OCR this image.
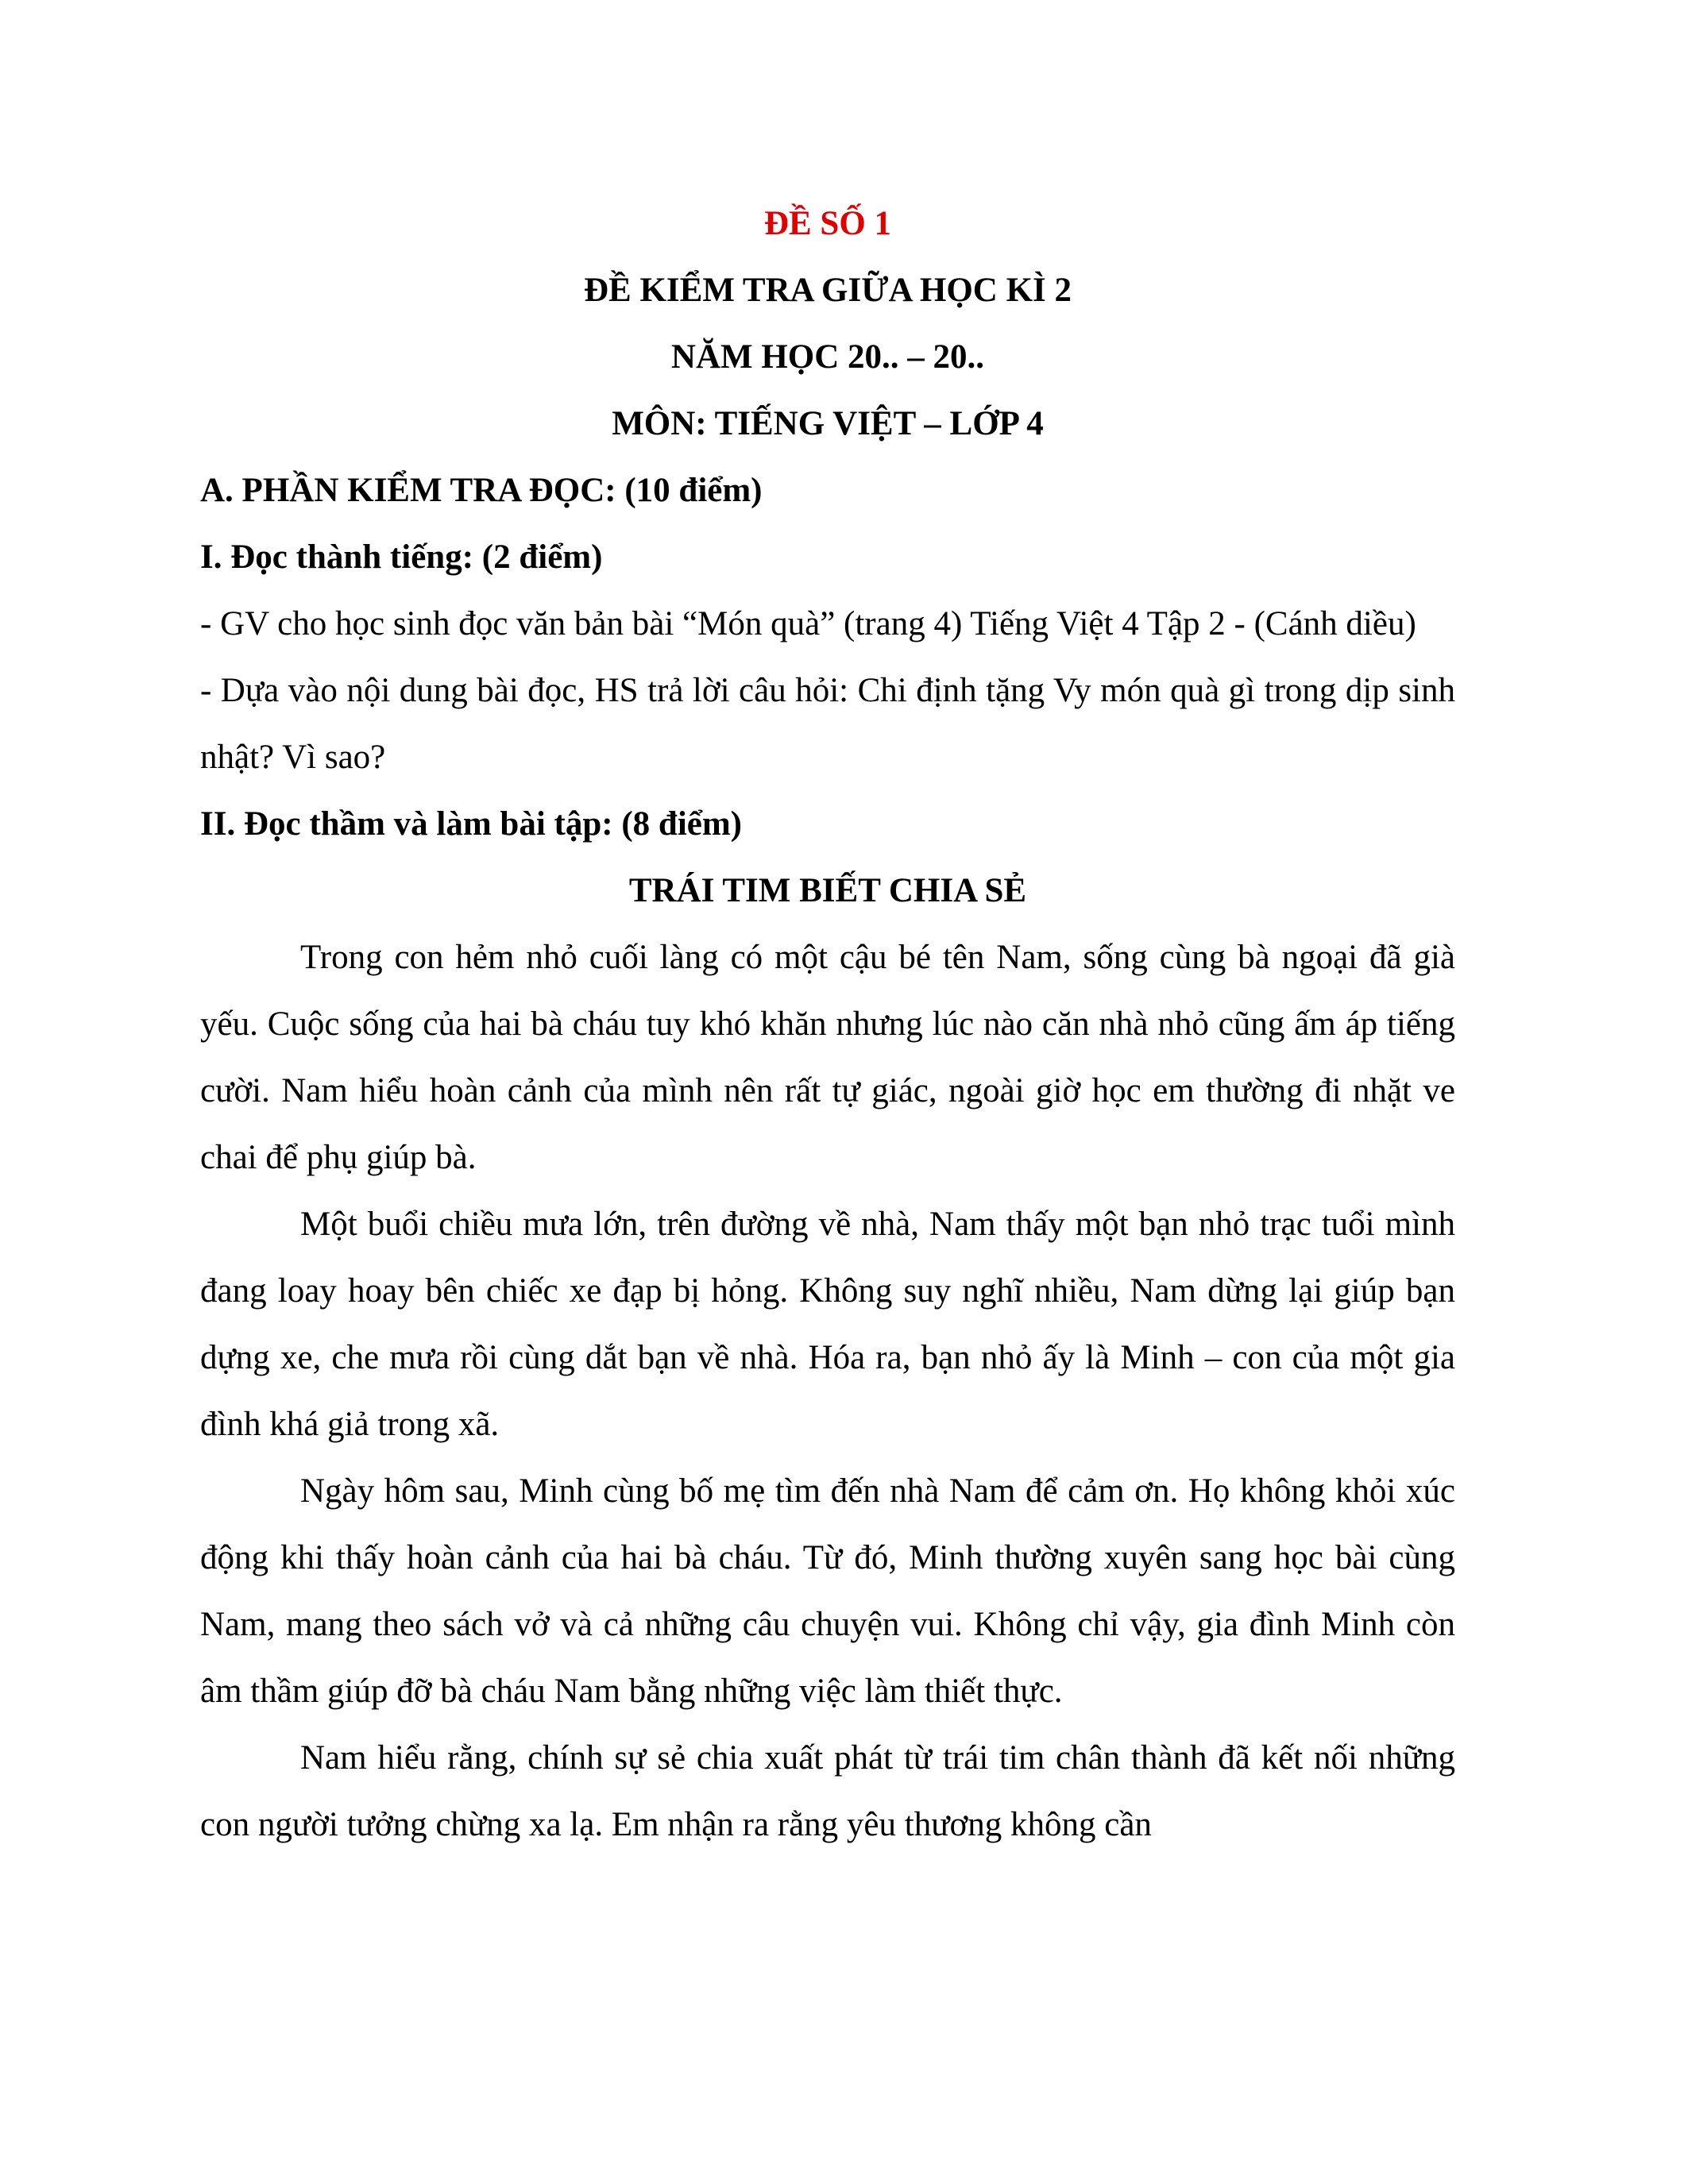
ĐỀ SỐ 1

ĐỀ KIỂM TRA GIỮA HỌC KÌ 2

NĂM HỌC 20.. – 20..

MÔN: TIẾNG VIỆT – LỚP 4

A. PHẦN KIỂM TRA ĐỌC: (10 điểm)

I. Đọc thành tiếng: (2 điểm)

- GV cho học sinh đọc văn bản bài “Món quà” (trang 4) Tiếng Việt 4 Tập 2 - (Cánh diều)

- Dựa vào nội dung bài đọc, HS trả lời câu hỏi: Chi định tặng Vy món quà gì trong dịp sinh nhật? Vì sao?

II. Đọc thầm và làm bài tập: (8 điểm)

TRÁI TIM BIẾT CHIA SẺ

Trong con hẻm nhỏ cuối làng có một cậu bé tên Nam, sống cùng bà ngoại đã già yếu. Cuộc sống của hai bà cháu tuy khó khăn nhưng lúc nào căn nhà nhỏ cũng ấm áp tiếng cười. Nam hiểu hoàn cảnh của mình nên rất tự giác, ngoài giờ học em thường đi nhặt ve chai để phụ giúp bà.

Một buổi chiều mưa lớn, trên đường về nhà, Nam thấy một bạn nhỏ trạc tuổi mình đang loay hoay bên chiếc xe đạp bị hỏng. Không suy nghĩ nhiều, Nam dừng lại giúp bạn dựng xe, che mưa rồi cùng dắt bạn về nhà. Hóa ra, bạn nhỏ ấy là Minh – con của một gia đình khá giả trong xã.

Ngày hôm sau, Minh cùng bố mẹ tìm đến nhà Nam để cảm ơn. Họ không khỏi xúc động khi thấy hoàn cảnh của hai bà cháu. Từ đó, Minh thường xuyên sang học bài cùng Nam, mang theo sách vở và cả những câu chuyện vui. Không chỉ vậy, gia đình Minh còn âm thầm giúp đỡ bà cháu Nam bằng những việc làm thiết thực.

Nam hiểu rằng, chính sự sẻ chia xuất phát từ trái tim chân thành đã kết nối những con người tưởng chừng xa lạ. Em nhận ra rằng yêu thương không cần
